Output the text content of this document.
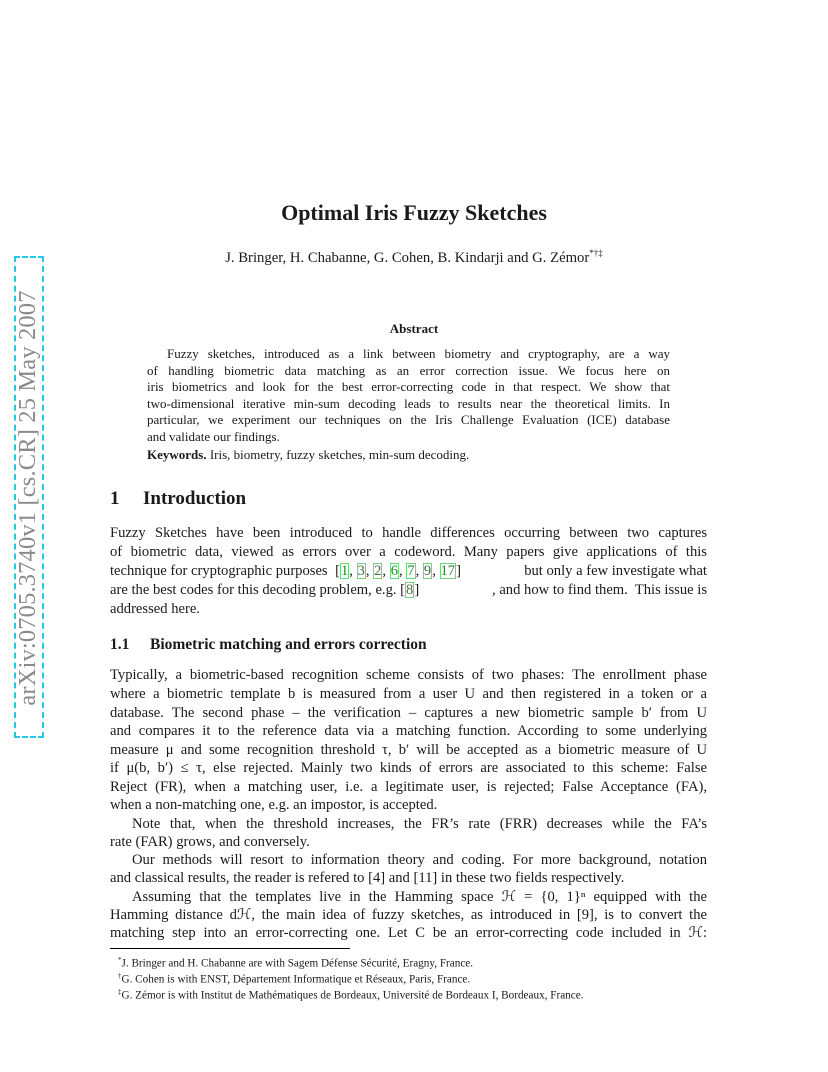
arXiv:0705.3740v1 [cs.CR] 25 May 2007
Optimal Iris Fuzzy Sketches
J. Bringer, H. Chabanne, G. Cohen, B. Kindarji and G. Zémor*†‡
Abstract
Fuzzy sketches, introduced as a link between biometry and cryptography, are a way
of handling biometric data matching as an error correction issue. We focus here on
iris biometrics and look for the best error-correcting code in that respect. We show that
two-dimensional iterative min-sum decoding leads to results near the theoretical limits. In
particular, we experiment our techniques on the Iris Challenge Evaluation (ICE) database
and validate our findings.
Keywords. Iris, biometry, fuzzy sketches, min-sum decoding.
1 Introduction
Fuzzy Sketches have been introduced to handle differences occurring between two captures
of biometric data, viewed as errors over a codeword. Many papers give applications of this
technique for cryptographic purposes [1, 3, 2, 6, 7, 9, 17]	but only a few investigate what
are the best codes for this decoding problem, e.g. [8]	, and how to find them.  This issue is
addressed here.
1.1 Biometric matching and errors correction
Typically, a biometric-based recognition scheme consists of two phases: The enrollment phase
where a biometric template b is measured from a user U and then registered in a token or a
database. The second phase – the verification – captures a new biometric sample b′ from U
and compares it to the reference data via a matching function. According to some underlying
measure μ and some recognition threshold τ, b′ will be accepted as a biometric measure of U
if μ(b, b′) ≤ τ, else rejected. Mainly two kinds of errors are associated to this scheme: False
Reject (FR), when a matching user, i.e. a legitimate user, is rejected; False Acceptance (FA),
when a non-matching one, e.g. an impostor, is accepted.
Note that, when the threshold increases, the FR’s rate (FRR) decreases while the FA’s
rate (FAR) grows, and conversely.
Our methods will resort to information theory and coding. For more background, notation
and classical results, the reader is refered to [4] and [11] in these two fields respectively.
Assuming that the templates live in the Hamming space ℋ = {0, 1}ⁿ equipped with the
Hamming distance dℋ, the main idea of fuzzy sketches, as introduced in [9], is to convert the
matching step into an error-correcting one. Let C be an error-correcting code included in ℋ:
*J. Bringer and H. Chabanne are with Sagem Défense Sécurité, Eragny, France.
†G. Cohen is with ENST, Département Informatique et Réseaux, Paris, France.
‡G. Zémor is with Institut de Mathématiques de Bordeaux, Université de Bordeaux I, Bordeaux, France.
